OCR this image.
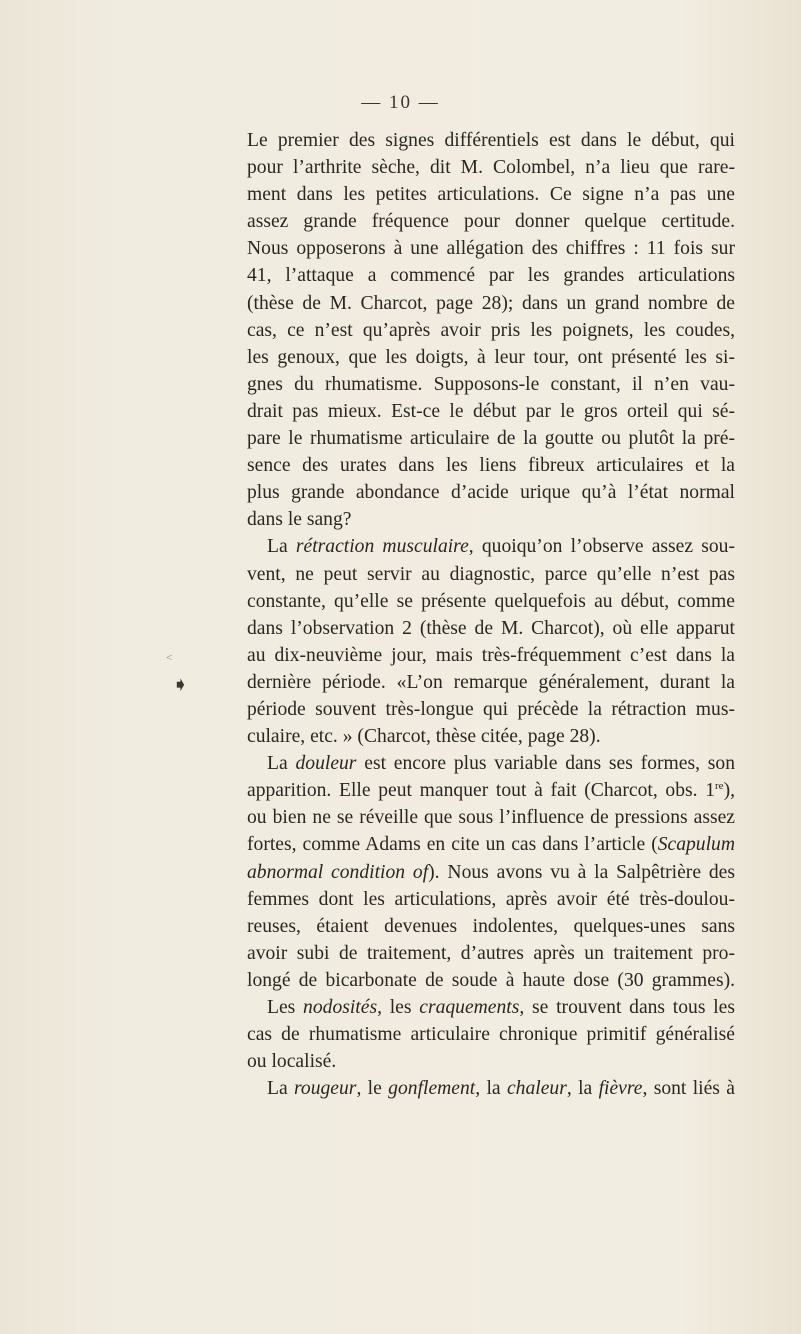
— 10 —
<
➧
Le premier des signes différentiels est dans le début, qui
pour l’arthrite sèche, dit M. Colombel, n’a lieu que rare-
ment dans les petites articulations. Ce signe n’a pas une
assez grande fréquence pour donner quelque certitude.
Nous opposerons à une allégation des chiffres : 11 fois sur
41, l’attaque a commencé par les grandes articulations
(thèse de M. Charcot, page 28); dans un grand nombre de
cas, ce n’est qu’après avoir pris les poignets, les coudes,
les genoux, que les doigts, à leur tour, ont présenté les si-
gnes du rhumatisme. Supposons-le constant, il n’en vau-
drait pas mieux. Est-ce le début par le gros orteil qui sé-
pare le rhumatisme articulaire de la goutte ou plutôt la pré-
sence des urates dans les liens fibreux articulaires et la
plus grande abondance d’acide urique qu’à l’état normal
dans le sang?
La rétraction musculaire, quoiqu’on l’observe assez sou-
vent, ne peut servir au diagnostic, parce qu’elle n’est pas
constante, qu’elle se présente quelquefois au début, comme
dans l’observation 2 (thèse de M. Charcot), où elle apparut
au dix-neuvième jour, mais très-fréquemment c’est dans la
dernière période. «L’on remarque généralement, durant la
période souvent très-longue qui précède la rétraction mus-
culaire, etc. » (Charcot, thèse citée, page 28).
La douleur est encore plus variable dans ses formes, son
apparition. Elle peut manquer tout à fait (Charcot, obs. 1re),
ou bien ne se réveille que sous l’influence de pressions assez
fortes, comme Adams en cite un cas dans l’article (Scapulum
abnormal condition of). Nous avons vu à la Salpêtrière des
femmes dont les articulations, après avoir été très-doulou-
reuses, étaient devenues indolentes, quelques-unes sans
avoir subi de traitement, d’autres après un traitement pro-
longé de bicarbonate de soude à haute dose (30 grammes).
Les nodosités, les craquements, se trouvent dans tous les
cas de rhumatisme articulaire chronique primitif généralisé
ou localisé.
La rougeur, le gonflement, la chaleur, la fièvre, sont liés à
